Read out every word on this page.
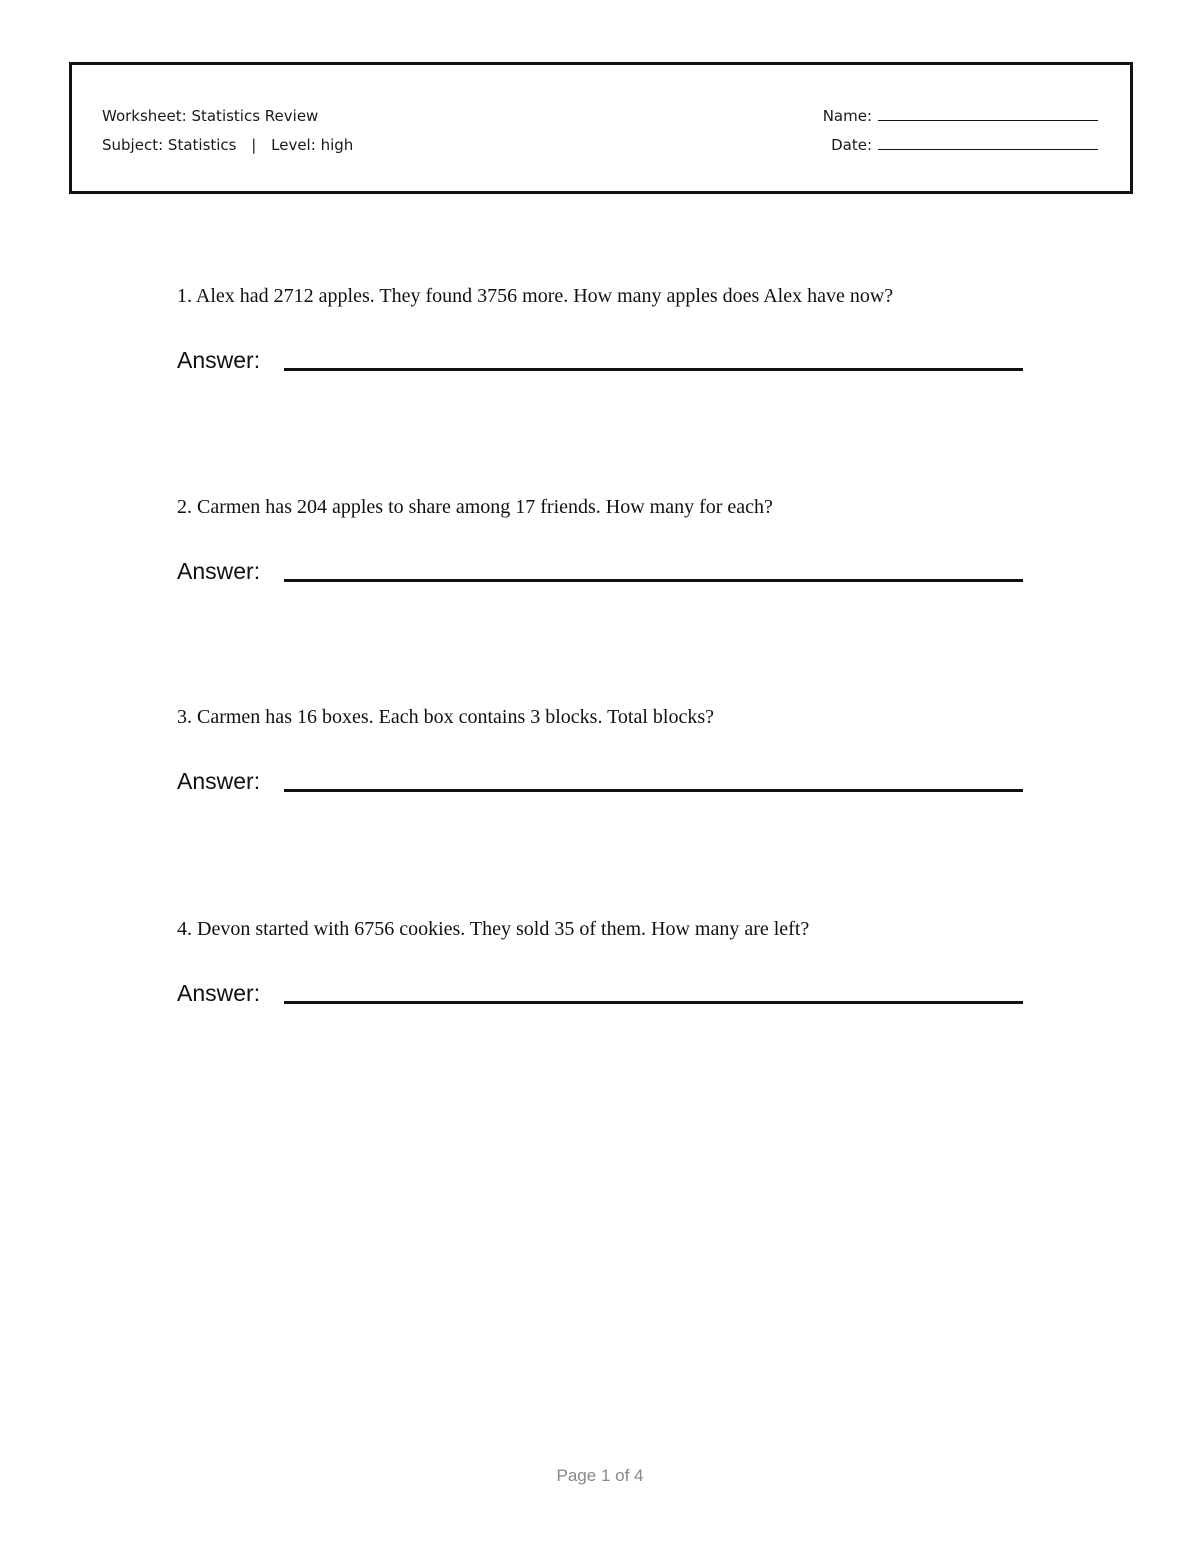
Worksheet: Statistics Review
Subject: Statistics | Level: high
Name:
Date:
1. Alex had 2712 apples. They found 3756 more. How many apples does Alex have now?
Answer:
2. Carmen has 204 apples to share among 17 friends. How many for each?
Answer:
3. Carmen has 16 boxes. Each box contains 3 blocks. Total blocks?
Answer:
4. Devon started with 6756 cookies. They sold 35 of them. How many are left?
Answer:
Page 1 of 4
